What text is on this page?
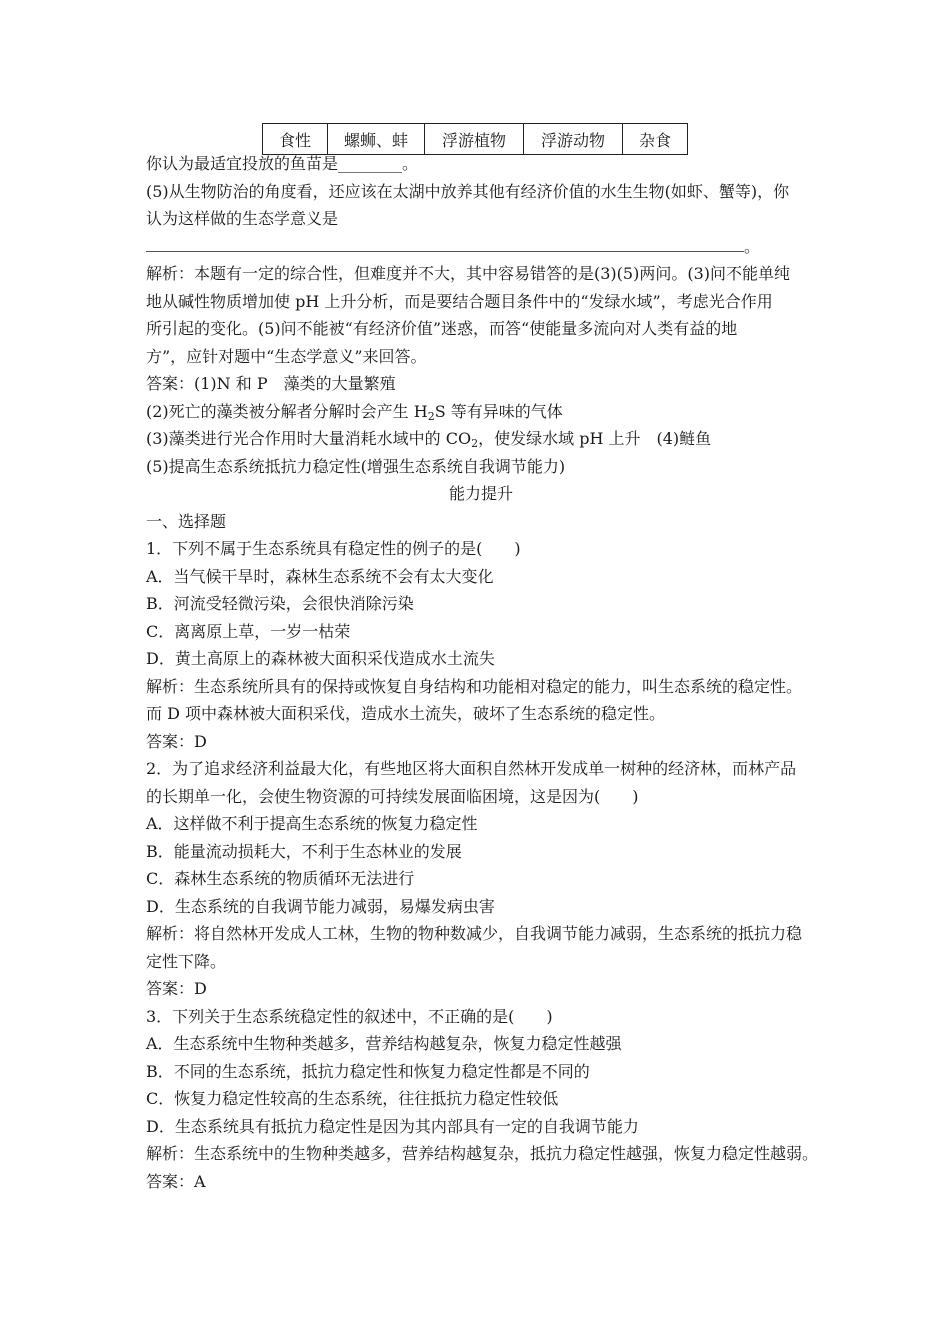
食性	螺蛳、蚌	浮游植物	浮游动物	杂食
你认为最适宜投放的鱼苗是________。
(5)从生物防治的角度看，还应该在太湖中放养其他有经济价值的水生生物(如虾、蟹等)，你
认为这样做的生态学意义是
。
解析：本题有一定的综合性，但难度并不大，其中容易错答的是(3)(5)两问。(3)问不能单纯
地从碱性物质增加使 pH 上升分析，而是要结合题目条件中的“发绿水域”，考虑光合作用
所引起的变化。(5)问不能被“有经济价值”迷惑，而答“使能量多流向对人类有益的地
方”，应针对题中“生态学意义”来回答。
答案：(1)N 和 P　藻类的大量繁殖
(2)死亡的藻类被分解者分解时会产生 $H_2S$ 等有异味的气体
(3)藻类进行光合作用时大量消耗水域中的 $CO_2$，使发绿水域 pH 上升　(4)鲢鱼
(5)提高生态系统抵抗力稳定性(增强生态系统自我调节能力)
能力提升
一、选择题
1．下列不属于生态系统具有稳定性的例子的是(　　)
A．当气候干旱时，森林生态系统不会有太大变化
B．河流受轻微污染，会很快消除污染
C．离离原上草，一岁一枯荣
D．黄土高原上的森林被大面积采伐造成水土流失
解析：生态系统所具有的保持或恢复自身结构和功能相对稳定的能力，叫生态系统的稳定性。
而 D 项中森林被大面积采伐，造成水土流失，破坏了生态系统的稳定性。
答案：D
2．为了追求经济利益最大化，有些地区将大面积自然林开发成单一树种的经济林，而林产品
的长期单一化，会使生物资源的可持续发展面临困境，这是因为(　　)
A．这样做不利于提高生态系统的恢复力稳定性
B．能量流动损耗大，不利于生态林业的发展
C．森林生态系统的物质循环无法进行
D．生态系统的自我调节能力减弱，易爆发病虫害
解析：将自然林开发成人工林，生物的物种数减少，自我调节能力减弱，生态系统的抵抗力稳
定性下降。
答案：D
3．下列关于生态系统稳定性的叙述中，不正确的是(　　)
A．生态系统中生物种类越多，营养结构越复杂，恢复力稳定性越强
B．不同的生态系统，抵抗力稳定性和恢复力稳定性都是不同的
C．恢复力稳定性较高的生态系统，往往抵抗力稳定性较低
D．生态系统具有抵抗力稳定性是因为其内部具有一定的自我调节能力
解析：生态系统中的生物种类越多，营养结构越复杂，抵抗力稳定性越强，恢复力稳定性越弱。
答案：A
